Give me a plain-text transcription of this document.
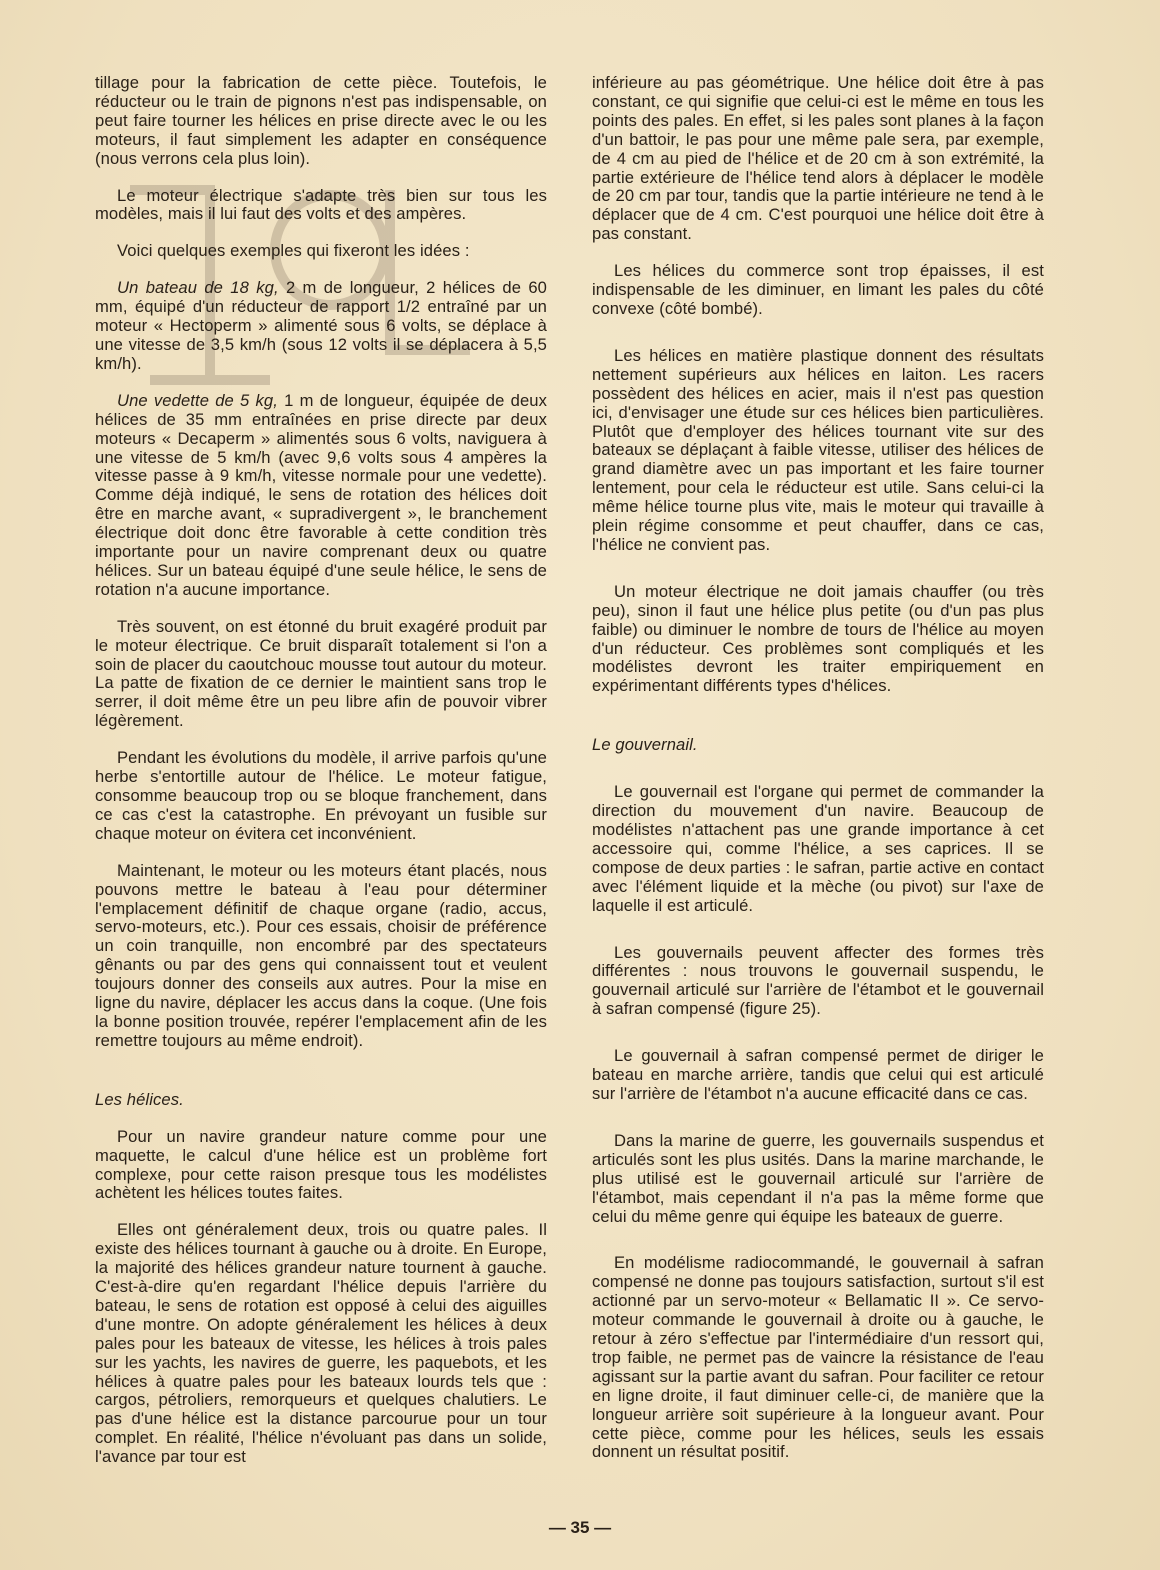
tillage pour la fabrication de cette pièce. Toutefois, le réducteur ou le train de pignons n'est pas indispensable, on peut faire tourner les hélices en prise directe avec le ou les moteurs, il faut simplement les adapter en conséquence (nous verrons cela plus loin).

Le moteur électrique s'adapte très bien sur tous les modèles, mais il lui faut des volts et des ampères.

Voici quelques exemples qui fixeront les idées :

Un bateau de 18 kg, 2 m de longueur, 2 hélices de 60 mm, équipé d'un réducteur de rapport 1/2 entraîné par un moteur « Hectoperm » alimenté sous 6 volts, se déplace à une vitesse de 3,5 km/h (sous 12 volts il se déplacera à 5,5 km/h).

Une vedette de 5 kg, 1 m de longueur, équipée de deux hélices de 35 mm entraînées en prise directe par deux moteurs « Decaperm » alimentés sous 6 volts, naviguera à une vitesse de 5 km/h (avec 9,6 volts sous 4 ampères la vitesse passe à 9 km/h, vitesse normale pour une vedette). Comme déjà indiqué, le sens de rotation des hélices doit être en marche avant, « supradivergent », le branchement électrique doit donc être favorable à cette condition très importante pour un navire comprenant deux ou quatre hélices. Sur un bateau équipé d'une seule hélice, le sens de rotation n'a aucune importance.

Très souvent, on est étonné du bruit exagéré produit par le moteur électrique. Ce bruit disparaît totalement si l'on a soin de placer du caoutchouc mousse tout autour du moteur. La patte de fixation de ce dernier le maintient sans trop le serrer, il doit même être un peu libre afin de pouvoir vibrer légèrement.

Pendant les évolutions du modèle, il arrive parfois qu'une herbe s'entortille autour de l'hélice. Le moteur fatigue, consomme beaucoup trop ou se bloque franchement, dans ce cas c'est la catastrophe. En prévoyant un fusible sur chaque moteur on évitera cet inconvénient.

Maintenant, le moteur ou les moteurs étant placés, nous pouvons mettre le bateau à l'eau pour déterminer l'emplacement définitif de chaque organe (radio, accus, servo-moteurs, etc.). Pour ces essais, choisir de préférence un coin tranquille, non encombré par des spectateurs gênants ou par des gens qui connaissent tout et veulent toujours donner des conseils aux autres. Pour la mise en ligne du navire, déplacer les accus dans la coque. (Une fois la bonne position trouvée, repérer l'emplacement afin de les remettre toujours au même endroit).

Les hélices.

Pour un navire grandeur nature comme pour une maquette, le calcul d'une hélice est un problème fort complexe, pour cette raison presque tous les modélistes achètent les hélices toutes faites.

Elles ont généralement deux, trois ou quatre pales. Il existe des hélices tournant à gauche ou à droite. En Europe, la majorité des hélices grandeur nature tournent à gauche. C'est-à-dire qu'en regardant l'hélice depuis l'arrière du bateau, le sens de rotation est opposé à celui des aiguilles d'une montre. On adopte généralement les hélices à deux pales pour les bateaux de vitesse, les hélices à trois pales sur les yachts, les navires de guerre, les paquebots, et les hélices à quatre pales pour les bateaux lourds tels que : cargos, pétroliers, remorqueurs et quelques chalutiers. Le pas d'une hélice est la distance parcourue pour un tour complet. En réalité, l'hélice n'évoluant pas dans un solide, l'avance par tour est

inférieure au pas géométrique. Une hélice doit être à pas constant, ce qui signifie que celui-ci est le même en tous les points des pales. En effet, si les pales sont planes à la façon d'un battoir, le pas pour une même pale sera, par exemple, de 4 cm au pied de l'hélice et de 20 cm à son extrémité, la partie extérieure de l'hélice tend alors à déplacer le modèle de 20 cm par tour, tandis que la partie intérieure ne tend à le déplacer que de 4 cm. C'est pourquoi une hélice doit être à pas constant.

Les hélices du commerce sont trop épaisses, il est indispensable de les diminuer, en limant les pales du côté convexe (côté bombé).

Les hélices en matière plastique donnent des résultats nettement supérieurs aux hélices en laiton. Les racers possèdent des hélices en acier, mais il n'est pas question ici, d'envisager une étude sur ces hélices bien particulières. Plutôt que d'employer des hélices tournant vite sur des bateaux se déplaçant à faible vitesse, utiliser des hélices de grand diamètre avec un pas important et les faire tourner lentement, pour cela le réducteur est utile. Sans celui-ci la même hélice tourne plus vite, mais le moteur qui travaille à plein régime consomme et peut chauffer, dans ce cas, l'hélice ne convient pas.

Un moteur électrique ne doit jamais chauffer (ou très peu), sinon il faut une hélice plus petite (ou d'un pas plus faible) ou diminuer le nombre de tours de l'hélice au moyen d'un réducteur. Ces problèmes sont compliqués et les modélistes devront les traiter empiriquement en expérimentant différents types d'hélices.

Le gouvernail.

Le gouvernail est l'organe qui permet de commander la direction du mouvement d'un navire. Beaucoup de modélistes n'attachent pas une grande importance à cet accessoire qui, comme l'hélice, a ses caprices. Il se compose de deux parties : le safran, partie active en contact avec l'élément liquide et la mèche (ou pivot) sur l'axe de laquelle il est articulé.

Les gouvernails peuvent affecter des formes très différentes : nous trouvons le gouvernail suspendu, le gouvernail articulé sur l'arrière de l'étambot et le gouvernail à safran compensé (figure 25).

Le gouvernail à safran compensé permet de diriger le bateau en marche arrière, tandis que celui qui est articulé sur l'arrière de l'étambot n'a aucune efficacité dans ce cas.

Dans la marine de guerre, les gouvernails suspendus et articulés sont les plus usités. Dans la marine marchande, le plus utilisé est le gouvernail articulé sur l'arrière de l'étambot, mais cependant il n'a pas la même forme que celui du même genre qui équipe les bateaux de guerre.

En modélisme radiocommandé, le gouvernail à safran compensé ne donne pas toujours satisfaction, surtout s'il est actionné par un servo-moteur « Bellamatic II ». Ce servo-moteur commande le gouvernail à droite ou à gauche, le retour à zéro s'effectue par l'intermédiaire d'un ressort qui, trop faible, ne permet pas de vaincre la résistance de l'eau agissant sur la partie avant du safran. Pour faciliter ce retour en ligne droite, il faut diminuer celle-ci, de manière que la longueur arrière soit supérieure à la longueur avant. Pour cette pièce, comme pour les hélices, seuls les essais donnent un résultat positif.

— 35 —
